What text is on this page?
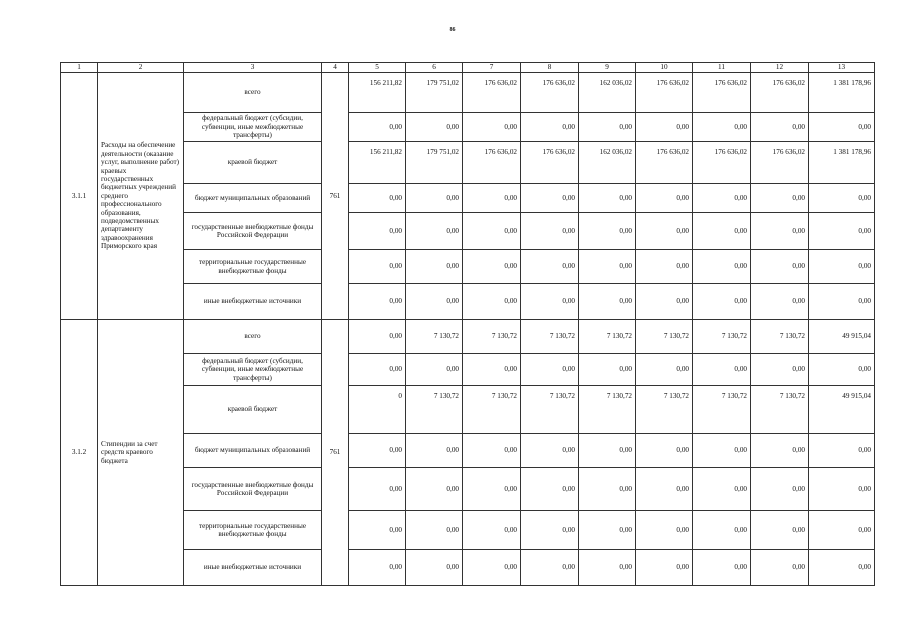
86
1	2	3	4	5	6	7	8	9	10	11	12	13
3.1.1	Расходы на обеспечение деятельности (оказание услуг, выполнение работ) краевых государственных бюджетных учреждений среднего профессионального образования, подведомственных департаменту здравоохранения Приморского края	всего	761	156 211,82	179 751,02	176 636,02	176 636,02	162 036,02	176 636,02	176 636,02	176 636,02	1 381 178,96
		федеральный бюджет (субсидии, субвенции, иные межбюджетные трансферты)		0,00	0,00	0,00	0,00	0,00	0,00	0,00	0,00	0,00
		краевой бюджет		156 211,82	179 751,02	176 636,02	176 636,02	162 036,02	176 636,02	176 636,02	176 636,02	1 381 178,96
		бюджет муниципальных образований		0,00	0,00	0,00	0,00	0,00	0,00	0,00	0,00	0,00
		государственные внебюджетные фонды Российской Федерации		0,00	0,00	0,00	0,00	0,00	0,00	0,00	0,00	0,00
		территориальные государственные внебюджетные фонды		0,00	0,00	0,00	0,00	0,00	0,00	0,00	0,00	0,00
		иные внебюджетные источники		0,00	0,00	0,00	0,00	0,00	0,00	0,00	0,00	0,00
3.1.2	Стипендии за счет средств краевого бюджета	всего	761	0,00	7 130,72	7 130,72	7 130,72	7 130,72	7 130,72	7 130,72	7 130,72	49 915,04
		федеральный бюджет (субсидии, субвенции, иные межбюджетные трансферты)		0,00	0,00	0,00	0,00	0,00	0,00	0,00	0,00	0,00
		краевой бюджет		0	7 130,72	7 130,72	7 130,72	7 130,72	7 130,72	7 130,72	7 130,72	49 915,04
		бюджет муниципальных образований		0,00	0,00	0,00	0,00	0,00	0,00	0,00	0,00	0,00
		государственные внебюджетные фонды Российской Федерации		0,00	0,00	0,00	0,00	0,00	0,00	0,00	0,00	0,00
		территориальные государственные внебюджетные фонды		0,00	0,00	0,00	0,00	0,00	0,00	0,00	0,00	0,00
		иные внебюджетные источники		0,00	0,00	0,00	0,00	0,00	0,00	0,00	0,00	0,00
